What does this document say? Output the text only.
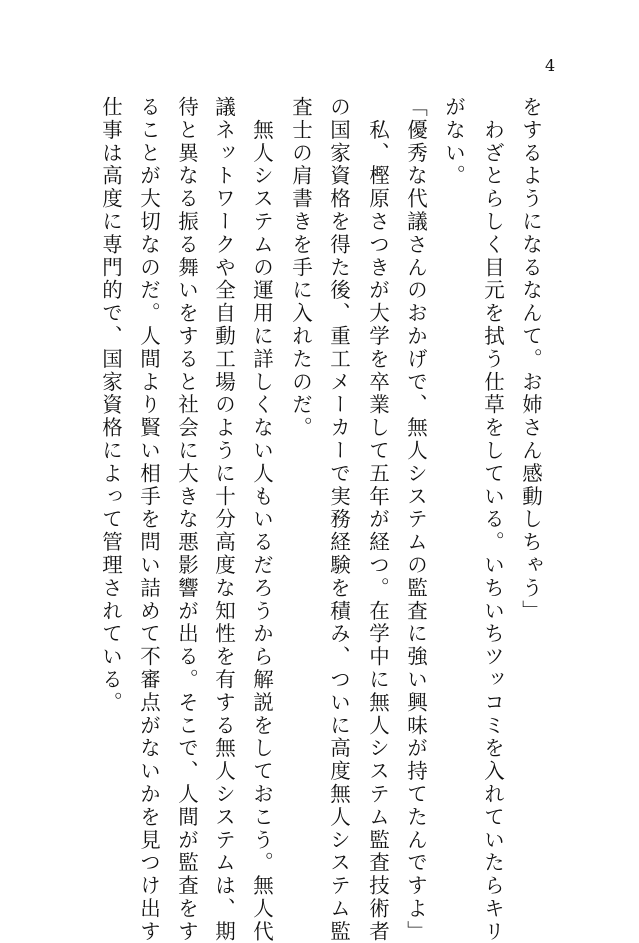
4
をするようになるなんて。お姉さん感動しちゃう」
　わざとらしく目元を拭う仕草をしている。いちいちツッコミを入れていたらキリ
がない。
「優秀な代議さんのおかげで、無人システムの監査に強い興味が持てたんですよ」
　私、樫原さつきが大学を卒業して五年が経つ。在学中に無人システム監査技術者
の国家資格を得た後、重工メーカーで実務経験を積み、ついに高度無人システム監
査士の肩書きを手に入れたのだ。
　無人システムの運用に詳しくない人もいるだろうから解説をしておこう。無人代
議ネットワークや全自動工場のように十分高度な知性を有する無人システムは、期
待と異なる振る舞いをすると社会に大きな悪影響が出る。そこで、人間が監査をす
ることが大切なのだ。人間より賢い相手を問い詰めて不審点がないかを見つけ出す
仕事は高度に専門的で、国家資格によって管理されている。
